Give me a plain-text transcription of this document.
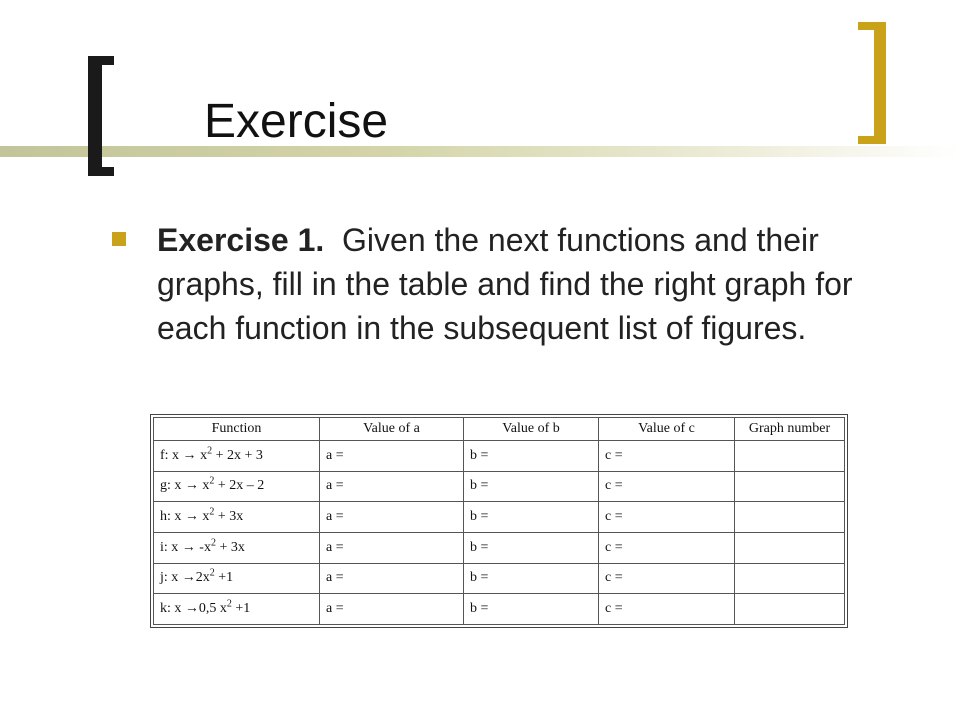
Exercise
Exercise 1. Given the next functions and their graphs, fill in the table and find the right graph for each function in the subsequent list of figures.
Function	Value of a	Value of b	Value of c	Graph number
f: $x \to x^2 + 2x + 3$	a =	b =	c =	
g: $x \to x^2 + 2x - 2$	a =	b =	c =	
h: $x \to x^2 + 3x$	a =	b =	c =	
i: $x \to -x^2 + 3x$	a =	b =	c =	
j: $x \to 2x^2 +1$	a =	b =	c =	
k: x →0,5 $x^2 +1$	a =	b =	c =	
